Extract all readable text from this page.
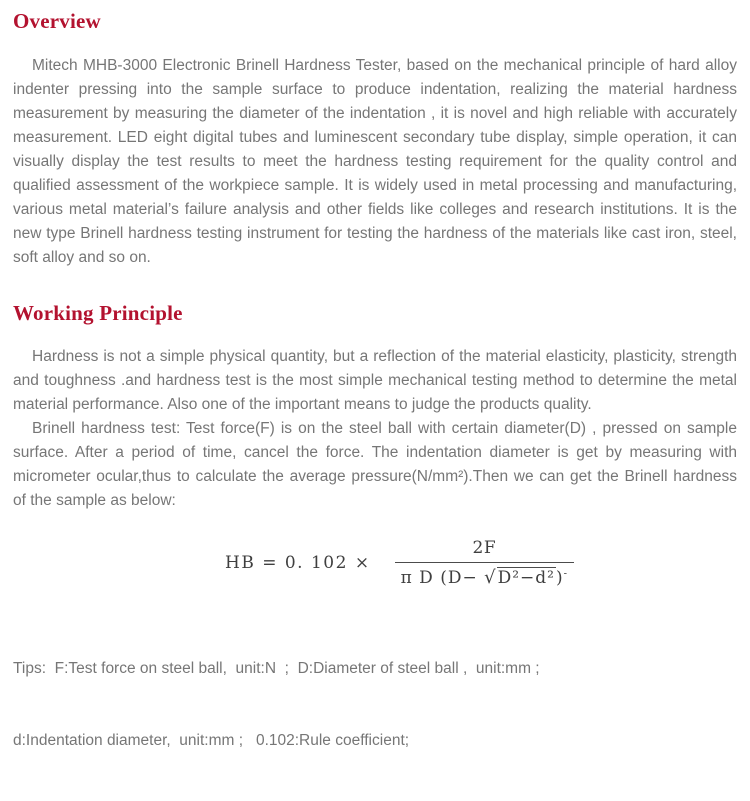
Overview

Mitech MHB-3000 Electronic Brinell Hardness Tester, based on the mechanical principle of hard alloy indenter pressing into the sample surface to produce indentation, realizing the material hardness measurement by measuring the diameter of the indentation , it is novel and high reliable with accurately measurement. LED eight digital tubes and luminescent secondary tube display, simple operation, it can visually display the test results to meet the hardness testing requirement for the quality control and qualified assessment of the workpiece sample. It is widely used in metal processing and manufacturing, various metal material’s failure analysis and other fields like colleges and research institutions. It is the new type Brinell hardness testing instrument for testing the hardness of the materials like cast iron, steel, soft alloy and so on.

Working Principle

Hardness is not a simple physical quantity, but a reflection of the material elasticity, plasticity, strength and toughness .and hardness test is the most simple mechanical testing method to determine the metal material performance. Also one of the important means to judge the products quality.

Brinell hardness test: Test force(F) is on the steel ball with certain diameter(D) , pressed on sample surface. After a period of time, cancel the force. The indentation diameter is get by measuring with micrometer ocular,thus to calculate the average pressure(N/mm²).Then we can get the Brinell hardness of the sample as below:

HB = 0. $102 \times \frac{2F}{\pi D (D- √D^2-d^2)^-}$

Tips:  F:Test force on steel ball,  unit:N  ;  D:Diameter of steel ball ,  unit:mm ;

d:Indentation diameter,  unit:mm ;   0.102:Rule coefficient;
